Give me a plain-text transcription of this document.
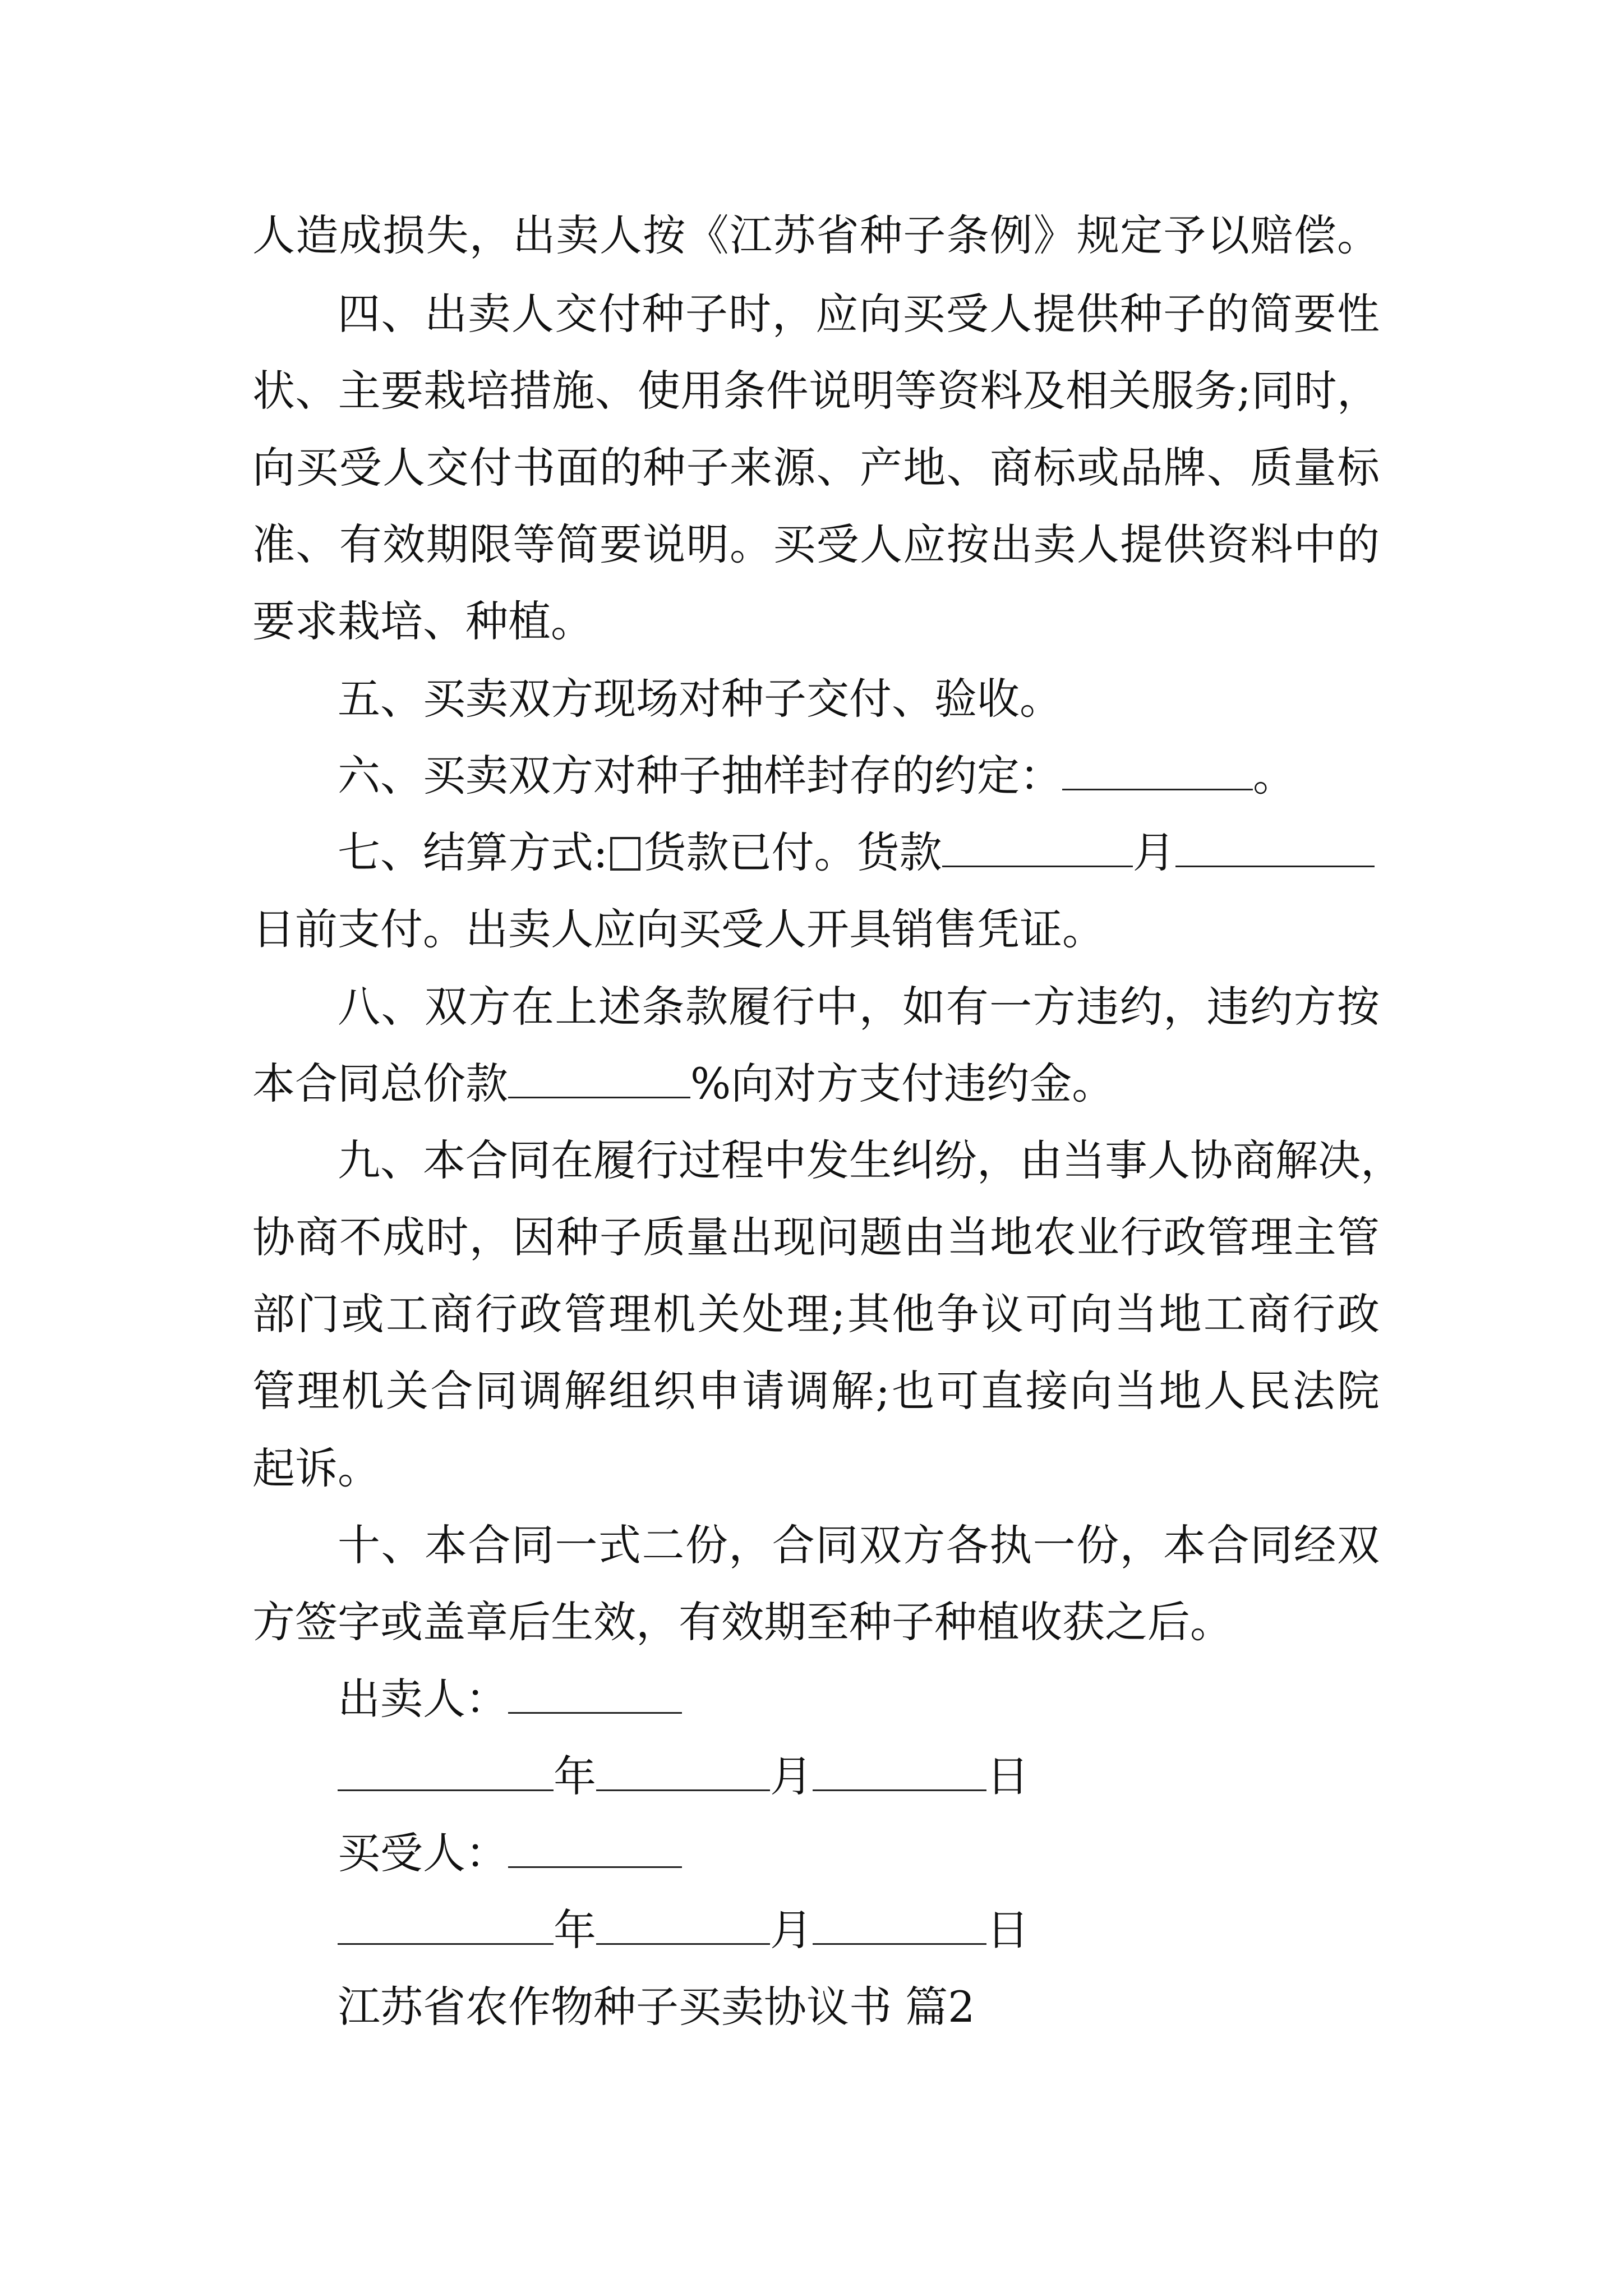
人造成损失，出卖人按《江苏省种子条例》规定予以赔偿。
四、出卖人交付种子时，应向买受人提供种子的简要性
状、主要栽培措施、使用条件说明等资料及相关服务;同时，
向买受人交付书面的种子来源、产地、商标或品牌、质量标
准、有效期限等简要说明。买受人应按出卖人提供资料中的
要求栽培、种植。
五、买卖双方现场对种子交付、验收。
六、买卖双方对种子抽样封存的约定：	。
七、结算方式: 货款已付。货款	月
日前支付。出卖人应向买受人开具销售凭证。
八、双方在上述条款履行中，如有一方违约，违约方按
本合同总价款	%向对方支付违约金。
九、本合同在履行过程中发生纠纷，由当事人协商解决，
协商不成时，因种子质量出现问题由当地农业行政管理主管
部门或工商行政管理机关处理;其他争议可向当地工商行政
管理机关合同调解组织申请调解;也可直接向当地人民法院
起诉。
十、本合同一式二份，合同双方各执一份，本合同经双
方签字或盖章后生效，有效期至种子种植收获之后。
出卖人：
年	月	日
买受人：
年	月	日
江苏省农作物种子买卖协议书 篇2
